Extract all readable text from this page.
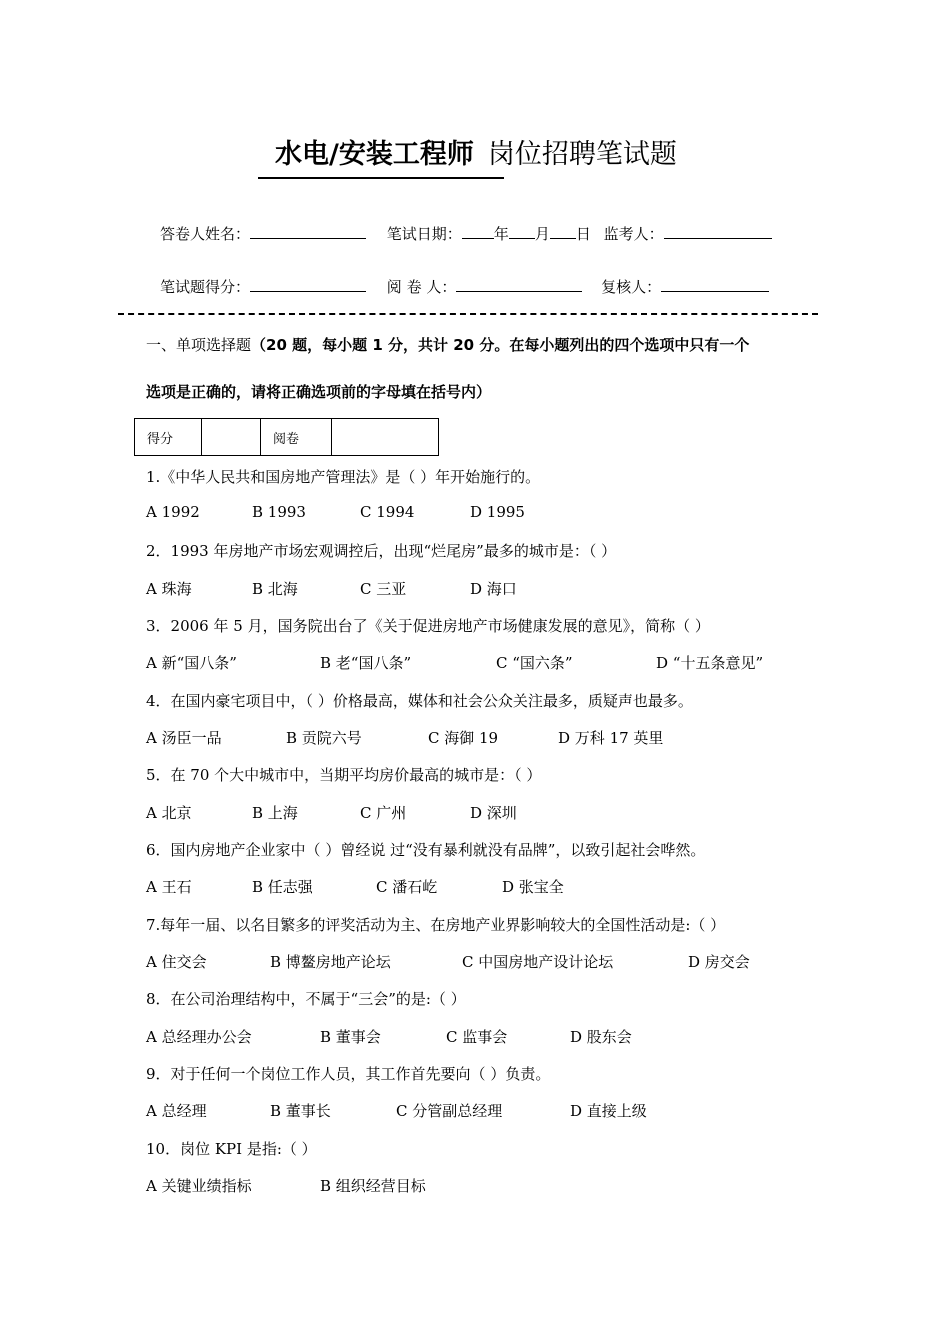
水电/安装工程师 岗位招聘笔试题
答卷人姓名：	笔试日期： 年 月 日 监考人：
笔试题得分：	阅 卷 人：	复核人：
一、单项选择题（20 题，每小题 1 分，共计 20 分。在每小题列出的四个选项中只有一个
选项是正确的，请将正确选项前的字母填在括号内）
得分		阅卷	
1.《中华人民共和国房地产管理法》是（ ）年开始施行的。
A 1992	B 1993	C 1994	D 1995
2．1993 年房地产市场宏观调控后，出现“烂尾房”最多的城市是：（ ）
A 珠海	B 北海	C 三亚	D 海口
3．2006 年 5 月，国务院出台了《关于促进房地产市场健康发展的意见》，简称（ ）
A 新“国八条”	B 老“国八条”	C “国六条”	D “十五条意见”
4．在国内豪宅项目中，（ ）价格最高，媒体和社会公众关注最多，质疑声也最多。
A 汤臣一品	B 贡院六号	C 海御 19	D 万科 17 英里
5．在 70 个大中城市中，当期平均房价最高的城市是：（ ）
A 北京	B 上海	C 广州	D 深圳
6．国内房地产企业家中（ ）曾经说 过“没有暴利就没有品牌”，以致引起社会哗然。
A 王石	B 任志强	C 潘石屹	D 张宝全
7.每年一届、以名目繁多的评奖活动为主、在房地产业界影响较大的全国性活动是:（ ）
A 住交会	B 博鳌房地产论坛	C 中国房地产设计论坛	D 房交会
8．在公司治理结构中，不属于“三会”的是:（ ）
A 总经理办公会	B 董事会	C 监事会	D 股东会
9．对于任何一个岗位工作人员，其工作首先要向（ ）负责。
A 总经理	B 董事长	C 分管副总经理	D 直接上级
10．岗位 KPI 是指:（ ）
A 关键业绩指标	B 组织经营目标
